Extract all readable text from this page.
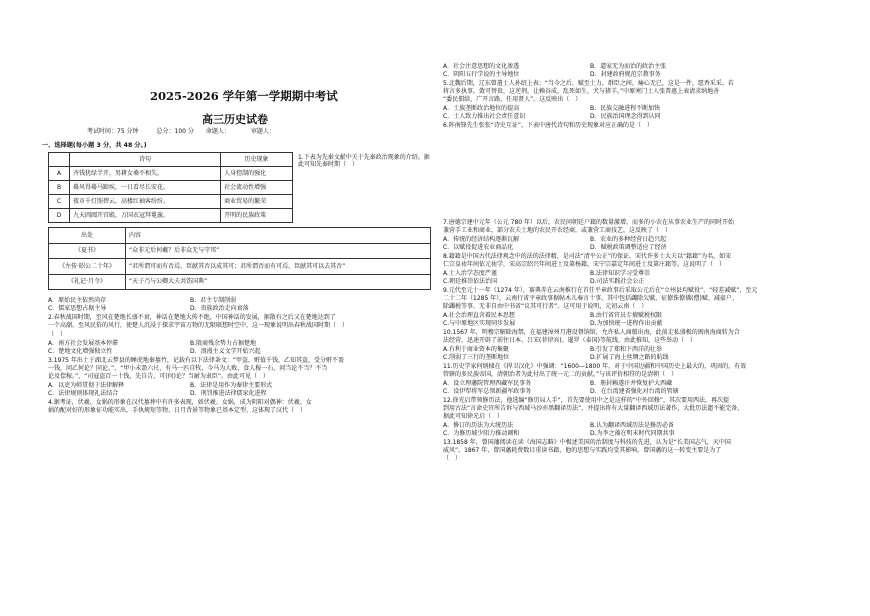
2025-2026 学年第一学期期中考试
高三历史试卷
考试时间：75 分钟　　　总分：100 分　　命题人：　　　　审题人：
一、选择题(每小题 3 分，共 48 分。)
	诗句	历史现象
A	齐钱犹绿半开，男耕女桑不相失。	人身控制的强化
B	蓦风得蓦马蹄疾，一日看尽长安花。	社会流动性增强
C	夜市千灯照碧云，高楼红袖客纷纷。	商业贸易的繁荣
D	九天阊阖开宫殿，万国衣冠拜冕旒。	开明的民族政策
1.下表为先秦文献中关于先秦政治现象的介绍。据此可知先秦时期（　）
出处	内容
《夏书》	“众非元后何戴？后非众无与守邦”
《左传·昭公二十年》	“君所谓可而有否焉，臣献其否以成其可；君所谓否而有可焉，臣献其可以去其否”
《礼记·月令》	“天子乃与公卿大夫共饬国典”
A．原始民主依然尚存	B．君主专制削弱
C．儒家思想占据主导	D．贵族政治走向衰落
2.春秋战国时期，至风在楚地长盛不衰，神话在楚地大传不绝，中国神话的发展，据散有之后又在楚地达到了
一个高潮。至风民俗的风行，使楚人沉浸于探求宇宙万物的无限联想时空中，这一现象说明出春秋战国时期（　）
（　）
A．南方社会发展基本停滞	B.殷商残余势力占据楚地
C．楚地文化增强独立性	D．浪漫主义文学开始兴起
3.1975 年出土于湖北云梦县的睡虎地秦墓竹，记载有以下法律条文：“甲盗，赃值千钱，乙知其盗，受分赃不盈
一钱，问乙何论？同论。”，“甲小未盈六尺，有马一匹自牧，今马为人败，食人稼一石，问当论不当？不当
论及偿稼。”，“司寇盗百一十钱，先自告，可(何)论？当耐为隶臣”。由此可见（　）
A．以吏为师贯彻于法律解释	B．法律是用作为秦律主要形式
C．法律规则体现礼法结合	D．刑罚推进法律儒家化进程
4.据考证，伏羲、女娲的形象在汉代墓葬中有许多表现，如伏羲、女娲，成为阴阳对偶神：伏羲、女
娲的配对好的形象征功能实出，手执规矩等物、日月背景等物象已基本定型，这体现了汉代（　）
A．社会注意思想的文化渗透	B．道家无为而治的政治主张
C．阴阳五行学说的主导地位	D．封建政府规范宗教事务
5.北魏后期，辽东曾遣士人孙绍上表：“当今之后，赋至土力，群臣之间，痛心无已，这是一件，愿香采采。若
将言多执事，敛可替贵，这逆荆，让赖谷成，乱死如生，犬与猪羊。”中原寒门士人张普惠上表请求纳地善
“委民佃给，广开言路，任用贤人”。这反映出（　）
A．士族垄断政治地位的提高	B．民族交融进程不断加快
C．士人致力推出社会责任意识	D．民族治国理念得到认同
6.阵南锋先生张张“诗史互证”。下表中唐代诗句和历史现象对应正确的是（　）
7.唐德宗建中元年（公元 780 年）以后，农民问朝廷户籍的数量激增，而多的小农在从事农业生产的同时开始
兼营手工业和商业，部分农夫士地的农民开农经商，或兼营工商技艺，这反映了（　）
A．传统的经济结构逐渐瓦解	B．农业的多种经营日趋兴起
C．以赋役促进农业商品化	D．赋税政策调整适应了经济
8.籍籍是中国古代法律观念中的法的法律精，是司法“清平公正”的保证。宋代许多士大夫以“籍籍”为名，如宋
仁宗皇祐年间依元祐学，宋高宗绍兴年间进士及第杨籍，宋宁宗嘉定年间进士及第庄籍等。这说明了（　）
A.士人治学态度严谨	B.法律知识学习受尊崇
C.朝廷推崇依法治国	D.司法实践社会公正
9.元代至元十一年（1274 年），赛典赤在云南推行在首任平章政事后采取公元后在“立州县均赋役”、“轻差减赋”，至元
二十二年（1285 年），云南行省平章政事据帖木儿奏言十事，其中包括蠲除欠赋，征僚侏僚佛(僧)赋、减豪户、
除蠲税等事，无非自由中书省“议其可行者”。这可用于说明，元初云南（　）
A.社会治理直含着民本思想	B.由行省官员专擅赋税权限
C.与中原地区实现同步发展	D.为加快统一进程作出贡献
10.1567 年，明穆宗解除海禁，在福建漳州月港设督饷馆，允许私人商船出海，此前走私盛极的闽南海商转为合
法经营，迅速开辟了前往日本、吕宋(菲律宾)、暹罗（泰国)等航线，由此推知，这些举动（　）
A.有利于商业资本的集聚	B.引发了郑和下西洋的壮举
C.削弱了三行的垄断地位	D.扩展了海上丝绸之路的航线
11.历史学家何炳棣在《捍卫汉化》中强调：“1600—1800 年，对于中国边疆和中国历史上最大的，巩固的，有效
管辖的多民族帝国，清朝治者为此付出了统一元二的贡献。”与该评价相符的是清朝（　）
A．设立理藩院管理西藏军民事务	B．册封赖遂汗并恢复护大西藏
C．设伊犁将军总领新疆军政事务	D．在台湾建省强化对台湾的管辖
12.徐光启带领修历法，他选编“修历局人手”，首先要使用中之是这样的“中外回修”，其次要用西法，再次提
到用古法“言命史官所告诉与西域马沙亦黑翻译历法”，并提出将有大量翻译西域历法著作，大批历法遗不能完备，
据此可知徐光启（　）
A．修订的历法为大统历法	B.认为翻译西域历法是修历必备
C．为修历域少阻力推动调和	D.为李之藻在明末时代同期共事
13.1858 年，曾国藩阅读在读《海国志略》中极述美国的治制度与科技的先进，认为是“长美国志气，灭中国
威风”。1867 年，曾国藩耗费数目重读书籍，他的思想与实践均受其影响。曾国藩的这一转变主要是为了
（　）
